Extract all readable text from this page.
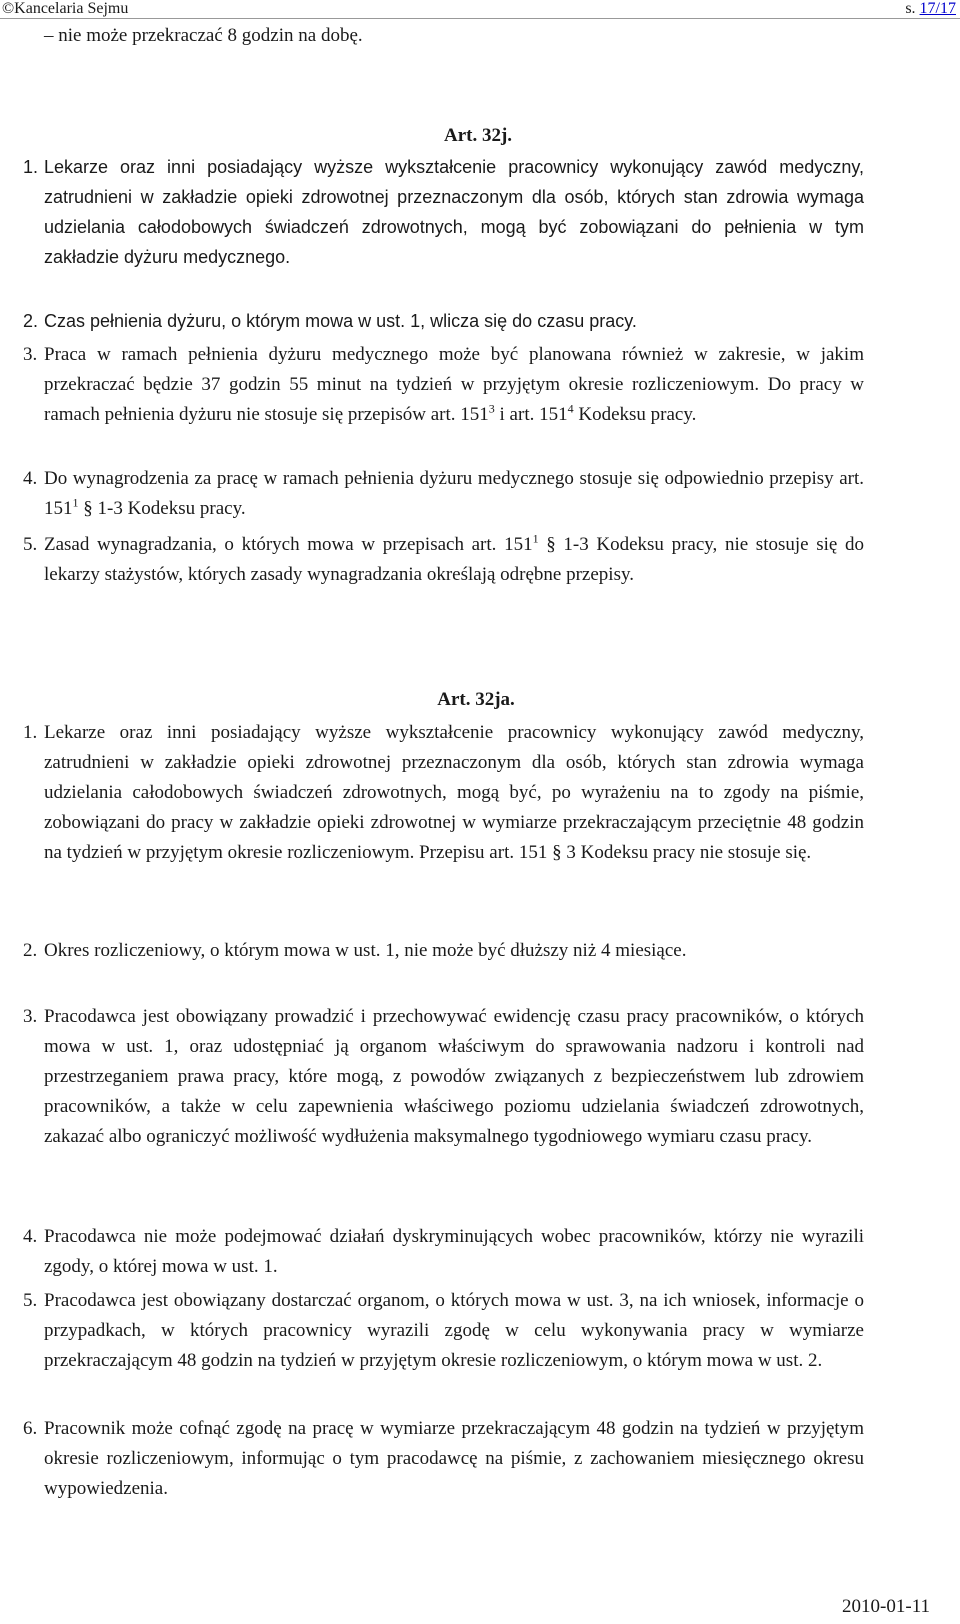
©Kancelaria Sejmu	s. 17/17
– nie może przekraczać 8 godzin na dobę.
Art. 32j.
1. Lekarze oraz inni posiadający wyższe wykształcenie pracownicy wykonujący zawód medyczny, zatrudnieni w zakładzie opieki zdrowotnej przeznaczonym dla osób, których stan zdrowia wymaga udzielania całodobowych świadczeń zdrowotnych, mogą być zobowiązani do pełnienia w tym zakładzie dyżuru medycznego.
2. Czas pełnienia dyżuru, o którym mowa w ust. 1, wlicza się do czasu pracy.
3. Praca w ramach pełnienia dyżuru medycznego może być planowana również w zakresie, w jakim przekraczać będzie 37 godzin 55 minut na tydzień w przyjętym okresie rozliczeniowym. Do pracy w ramach pełnienia dyżuru nie stosuje się przepisów art. $151^3$ i art. $151^4$ Kodeksu pracy.
4. Do wynagrodzenia za pracę w ramach pełnienia dyżuru medycznego stosuje się odpowiednio przepisy art. $151^1$ § 1-3 Kodeksu pracy.
5. Zasad wynagradzania, o których mowa w przepisach art. $151^1$ § 1-3 Kodeksu pracy, nie stosuje się do lekarzy stażystów, których zasady wynagradzania określają odrębne przepisy.
Art. 32ja.
1. Lekarze oraz inni posiadający wyższe wykształcenie pracownicy wykonujący zawód medyczny, zatrudnieni w zakładzie opieki zdrowotnej przeznaczonym dla osób, których stan zdrowia wymaga udzielania całodobowych świadczeń zdrowotnych, mogą być, po wyrażeniu na to zgody na piśmie, zobowiązani do pracy w zakładzie opieki zdrowotnej w wymiarze przekraczającym przeciętnie 48 godzin na tydzień w przyjętym okresie rozliczeniowym. Przepisu art. 151 § 3 Kodeksu pracy nie stosuje się.
2. Okres rozliczeniowy, o którym mowa w ust. 1, nie może być dłuższy niż 4 miesiące.
3. Pracodawca jest obowiązany prowadzić i przechowywać ewidencję czasu pracy pracowników, o których mowa w ust. 1, oraz udostępniać ją organom właściwym do sprawowania nadzoru i kontroli nad przestrzeganiem prawa pracy, które mogą, z powodów związanych z bezpieczeństwem lub zdrowiem pracowników, a także w celu zapewnienia właściwego poziomu udzielania świadczeń zdrowotnych, zakazać albo ograniczyć możliwość wydłużenia maksymalnego tygodniowego wymiaru czasu pracy.
4. Pracodawca nie może podejmować działań dyskryminujących wobec pracowników, którzy nie wyrazili zgody, o której mowa w ust. 1.
5. Pracodawca jest obowiązany dostarczać organom, o których mowa w ust. 3, na ich wniosek, informacje o przypadkach, w których pracownicy wyrazili zgodę w celu wykonywania pracy w wymiarze przekraczającym 48 godzin na tydzień w przyjętym okresie rozliczeniowym, o którym mowa w ust. 2.
6. Pracownik może cofnąć zgodę na pracę w wymiarze przekraczającym 48 godzin na tydzień w przyjętym okresie rozliczeniowym, informując o tym pracodawcę na piśmie, z zachowaniem miesięcznego okresu wypowiedzenia.
2010-01-11
